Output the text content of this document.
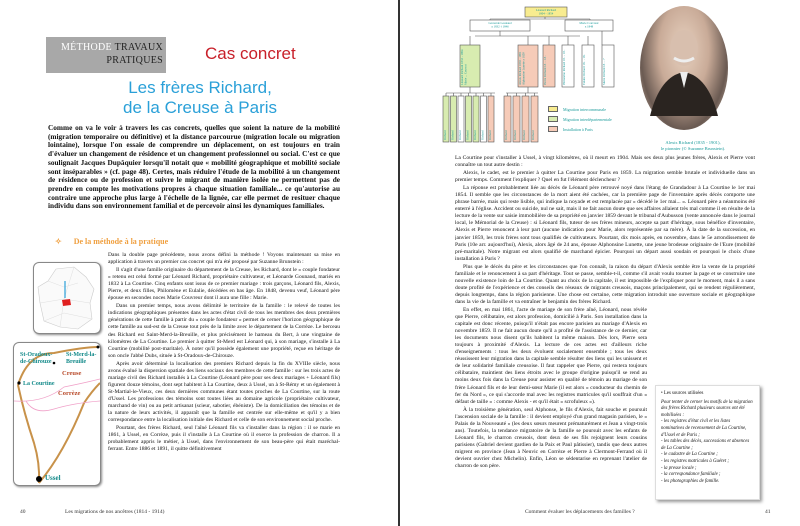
MÉTHODE TRAVAUX
PRATIQUES Cas concret
Les frères Richard,
de la Creuse à Paris
Comme on va le voir à travers les cas concrets, quelles que soient la nature de la mobilité (migration temporaire ou définitive) et la distance parcourue (migration locale ou migration lointaine), lorsque l'on essaie de comprendre un déplacement, on est toujours en train d'évaluer un changement de résidence et un changement professionnel ou social. C'est ce que soulignait Jacques Dupâquier lorsqu'il notait que « mobilité géographique et mobilité sociale sont inséparables » (cf. page 48). Certes, mais réduire l'étude de la mobilité à un changement de résidence ou de profession et suivre le migrant de manière isolée ne permettent pas de prendre en compte les motivations propres à chaque situation familiale... ce qu'autorise au contraire une approche plus large à l'échelle de la lignée, car elle permet de resituer chaque individu dans son environnement familial et de percevoir ainsi les dynamiques familiales.
✧ De la méthode à la pratique
St-Oradoux-de-Chirouze
St-Merd-la-Breuille
Creuse
La Courtine
Corrèze
Ussel

Dans la double page précédente, nous avons défini la méthode ! Voyons maintenant sa mise en application à travers un premier cas concret qui m'a été proposé par Suzanne Brunstein :

Il s'agit d'une famille originaire du département de la Creuse, les Richard, dont le « couple fondateur » retenu est celui formé par Léonard Richard, propriétaire cultivateur, et Léonarde Gounaud, mariés en 1832 à La Courtine. Cinq enfants sont issus de ce premier mariage : trois garçons, Léonard fils, Alexis, Pierre, et deux filles, Philomène et Eulalie, décédées en bas âge. En 1848, devenu veuf, Léonard père épouse en secondes noces Marie Couvreur dont il aura une fille : Marie.

Dans un premier temps, nous avons délimité le territoire de la famille : le relevé de toutes les indications géographiques présentes dans les actes d'état civil de tous les membres des deux premières générations de cette famille à partir du « couple fondateur » permet de cerner l'horizon géographique de cette famille au sud-est de la Creuse tout près de la limite avec le département de la Corrèze. Le berceau des Richard est Saint-Merd-la-Breuille, et plus précisément le hameau du Bert, à une vingtaine de kilomètres de La Courtine. Le premier à quitter St-Merd est Léonard qui, à son mariage, s'installe à La Courtine (mobilité post-maritale). À noter qu'il possède également une propriété, reçue en héritage de son oncle l'abbé Dubs, située à St-Oradoux-de-Chirouze.

Après avoir déterminé la localisation des premiers Richard depuis la fin du XVIIIe siècle, nous avons évalué la dispersion spatiale des liens sociaux des membres de cette famille : sur les trois actes de mariage civil des Richard installés à La Courtine (Léonard père pour ses deux mariages + Léonard fils) figurent douze témoins, dont sept habitent à La Courtine, deux à Ussel, un à St-Rémy et un également à St-Martial-le-Vieux, ces deux dernières communes étant toutes proches de La Courtine, sur la route d'Ussel. Les professions des témoins sont toutes liées au domaine agricole (propriétaire cultivateur, marchand de vin) ou au petit artisanat (scieur, sabotier, ébéniste). De la domiciliation des témoins et de la nature de leurs activités, il apparaît que la famille est centrée sur elle-même et qu'il y a bien correspondance entre la localisation initiale des Richard et celle de son environnement social proche.

Pourtant, des frères Richard, seul l'aîné Léonard fils va s'installer dans la région : il se marie en 1861, à Ussel, en Corrèze, puis il s'installe à La Courtine où il exerce la profession de charron. Il a probablement appris le métier, à Ussel, dans l'environnement de son beau-père qui était maréchal-ferrant. Entre 1886 et 1891, il quitte définitivement

40	Les migrations de nos ancêtres (1814 - 1914)
Léonard Richard
1804 - 1854
Léonarde Gounaud
x 1832 † 1846
Marie Couvreur
x 1848
Léonard Richard 1833 - 1904 Marie ... Couvrat	Alexis Richard 1835 - 1901 Alphonsine Lunette x 1859	Pierre Richard 18.. - 18..	Philomène Richard 18.. - 18..	Eulalie Richard 18.. - 18..	Marie Richard 18.. - ?
Richard Richard Richard Richard Richard Richard Richard	Richard Richard Richard Richard
Migration intercommunale
Migration interdépartementale
Installation à Paris
Alexis Richard (1835 - 1901),
le pionnier (© Suzanne Brunstein).

La Courtine pour s'installer à Ussel, à vingt kilomètres, où il meurt en 1904. Mais ses deux plus jeunes frères, Alexis et Pierre vont connaître un tout autre destin :

Alexis, le cadet, est le premier à quitter La Courtine pour Paris en 1859. La migration semble brutale et individuelle dans un premier temps. Comment l'expliquer ? Quel en fut l'élément déclencheur ?

La réponse est probablement liée au décès de Léonard père retrouvé noyé dans l'étang de Grandadour à La Courtine le 1er mai 1854. Il semble que les circonstances de la mort aient été cachées, car la première page de l'inventaire après décès comporte une phrase barrée, mais qui reste lisible, qui indique la noyade et est remplacée par « décédé le 1er mai... ». Léonard père a néanmoins été enterré à l'église. Accident ou suicide, nul ne sait, mais il ne fait aucun doute que ses affaires allaient très mal comme il en résulte de la lecture de la vente sur saisie immobilière de sa propriété en janvier 1859 devant le tribunal d'Aubusson (vente annoncée dans le journal local, le Mémorial de la Creuse) : si Léonard fils, tuteur de ses frères mineurs, accepte sa part d'héritage, sous bénéfice d'inventaire, Alexis et Pierre renoncent à leur part (aucune indication pour Marie, alors représentée par sa mère). À la date de la succession, en janvier 1859, les trois frères sont tous qualifiés de cultivateurs. Pourtant, dix mois après, en novembre, dans le 5e arrondissement de Paris (10e arr. aujourd'hui), Alexis, alors âgé de 24 ans, épouse Alphonsine Lunette, une jeune brodeuse originaire de l'Eure (mobilité pré-maritale). Notre migrant est alors qualifié de marchand épicier. Pourquoi un départ aussi soudain et pourquoi le choix d'une installation à Paris ?

Plus que le décès du père et les circonstances que l'on connaît, la raison du départ d'Alexis semble être la vente de la propriété familiale et le renoncement à sa part d'héritage. Tout se passe, semble-t-il, comme s'il avait voulu tourner la page et se construire une nouvelle existence loin de La Courtine. Quant au choix de la capitale, il est impossible de l'expliquer pour le moment, mais il a sans doute profité de l'expérience et des conseils des réseaux de migrants creusois, maçons principalement, qui se rendent régulièrement, depuis longtemps, dans la région parisienne. Une chose est certaine, cette migration introduit une ouverture sociale et géographique dans la vie de la famille et va entraîner le benjamin des frères Richard.

En effet, en mai 1861, l'acte de mariage de son frère aîné, Léonard, nous révèle que Pierre, célibataire, est alors profession, domicilié à Paris. Son installation dans la capitale est donc récente, puisqu'il n'était pas encore parisien au mariage d'Alexis en novembre 1859. Il ne fait aucun doute qu'il a profité de l'assistance de ce dernier, car les documents nous disent qu'ils habitent la même maison. Dès lors, Pierre sera toujours à proximité d'Alexis. La lecture de ces actes est d'ailleurs riche d'enseignements : tous les deux évoluent socialement ensemble ; tous les deux réussissent leur migration dans la capitale semble résulter des liens qui les unissent et de leur solidarité familiale creusoise. Il faut rappeler que Pierre, qui restera toujours célibataire, maintient des liens étroits avec le groupe d'origine puisqu'il se rend au moins deux fois dans la Creuse pour assister en qualité de témoin au mariage de son frère Léonard fils et de leur demi-sœur Marie (il est alors « conducteur du chemin de fer du Nord », ce qui s'accorde mal avec les registres matricules qu'il souffrait d'un « défaut de taille » : comme Alexis - et qu'il était « scrofuleux »).

À la troisième génération, seul Alphonse, le fils d'Alexis, fait souche et poursuit l'ascension sociale de la famille : il devient employé d'un grand magasin parisien, le « Palais de la Nouveauté » (les deux sœurs meurent prématurément et Jean a vingt-trois ans). Toutefois, la tendance migratoire de la famille se poursuit avec les enfants de Léonard fils, le charron creusois, dont deux de ses fils rejoignent leurs cousins parisiens (Gabriel devient gardien de la Paix et Paul pâtissier), tandis que deux autres migrent en province (Jean à Neuvic en Corrèze et Pierre à Clermont-Ferrand où il devient ouvrier chez Michelin). Enfin, Léon se sédentarise en reprenant l'atelier de charron de son père.

• Les sources utilisées
Pour tenter de cerner les motifs de la migration des frères Richard plusieurs sources ont été mobilisées :
- les registres d'état civil et les listes nominatives de recensement de La Courtine, d'Ussel et de Paris ;
- les tables des décès, successions et absences de La Courtine ;
- le cadastre de La Courtine ;
- les registres matricules à Guéret ;
- la presse locale ;
- la correspondance familiale ;
- les photographies de famille.
Comment évaluer les déplacements des familles ?	41
